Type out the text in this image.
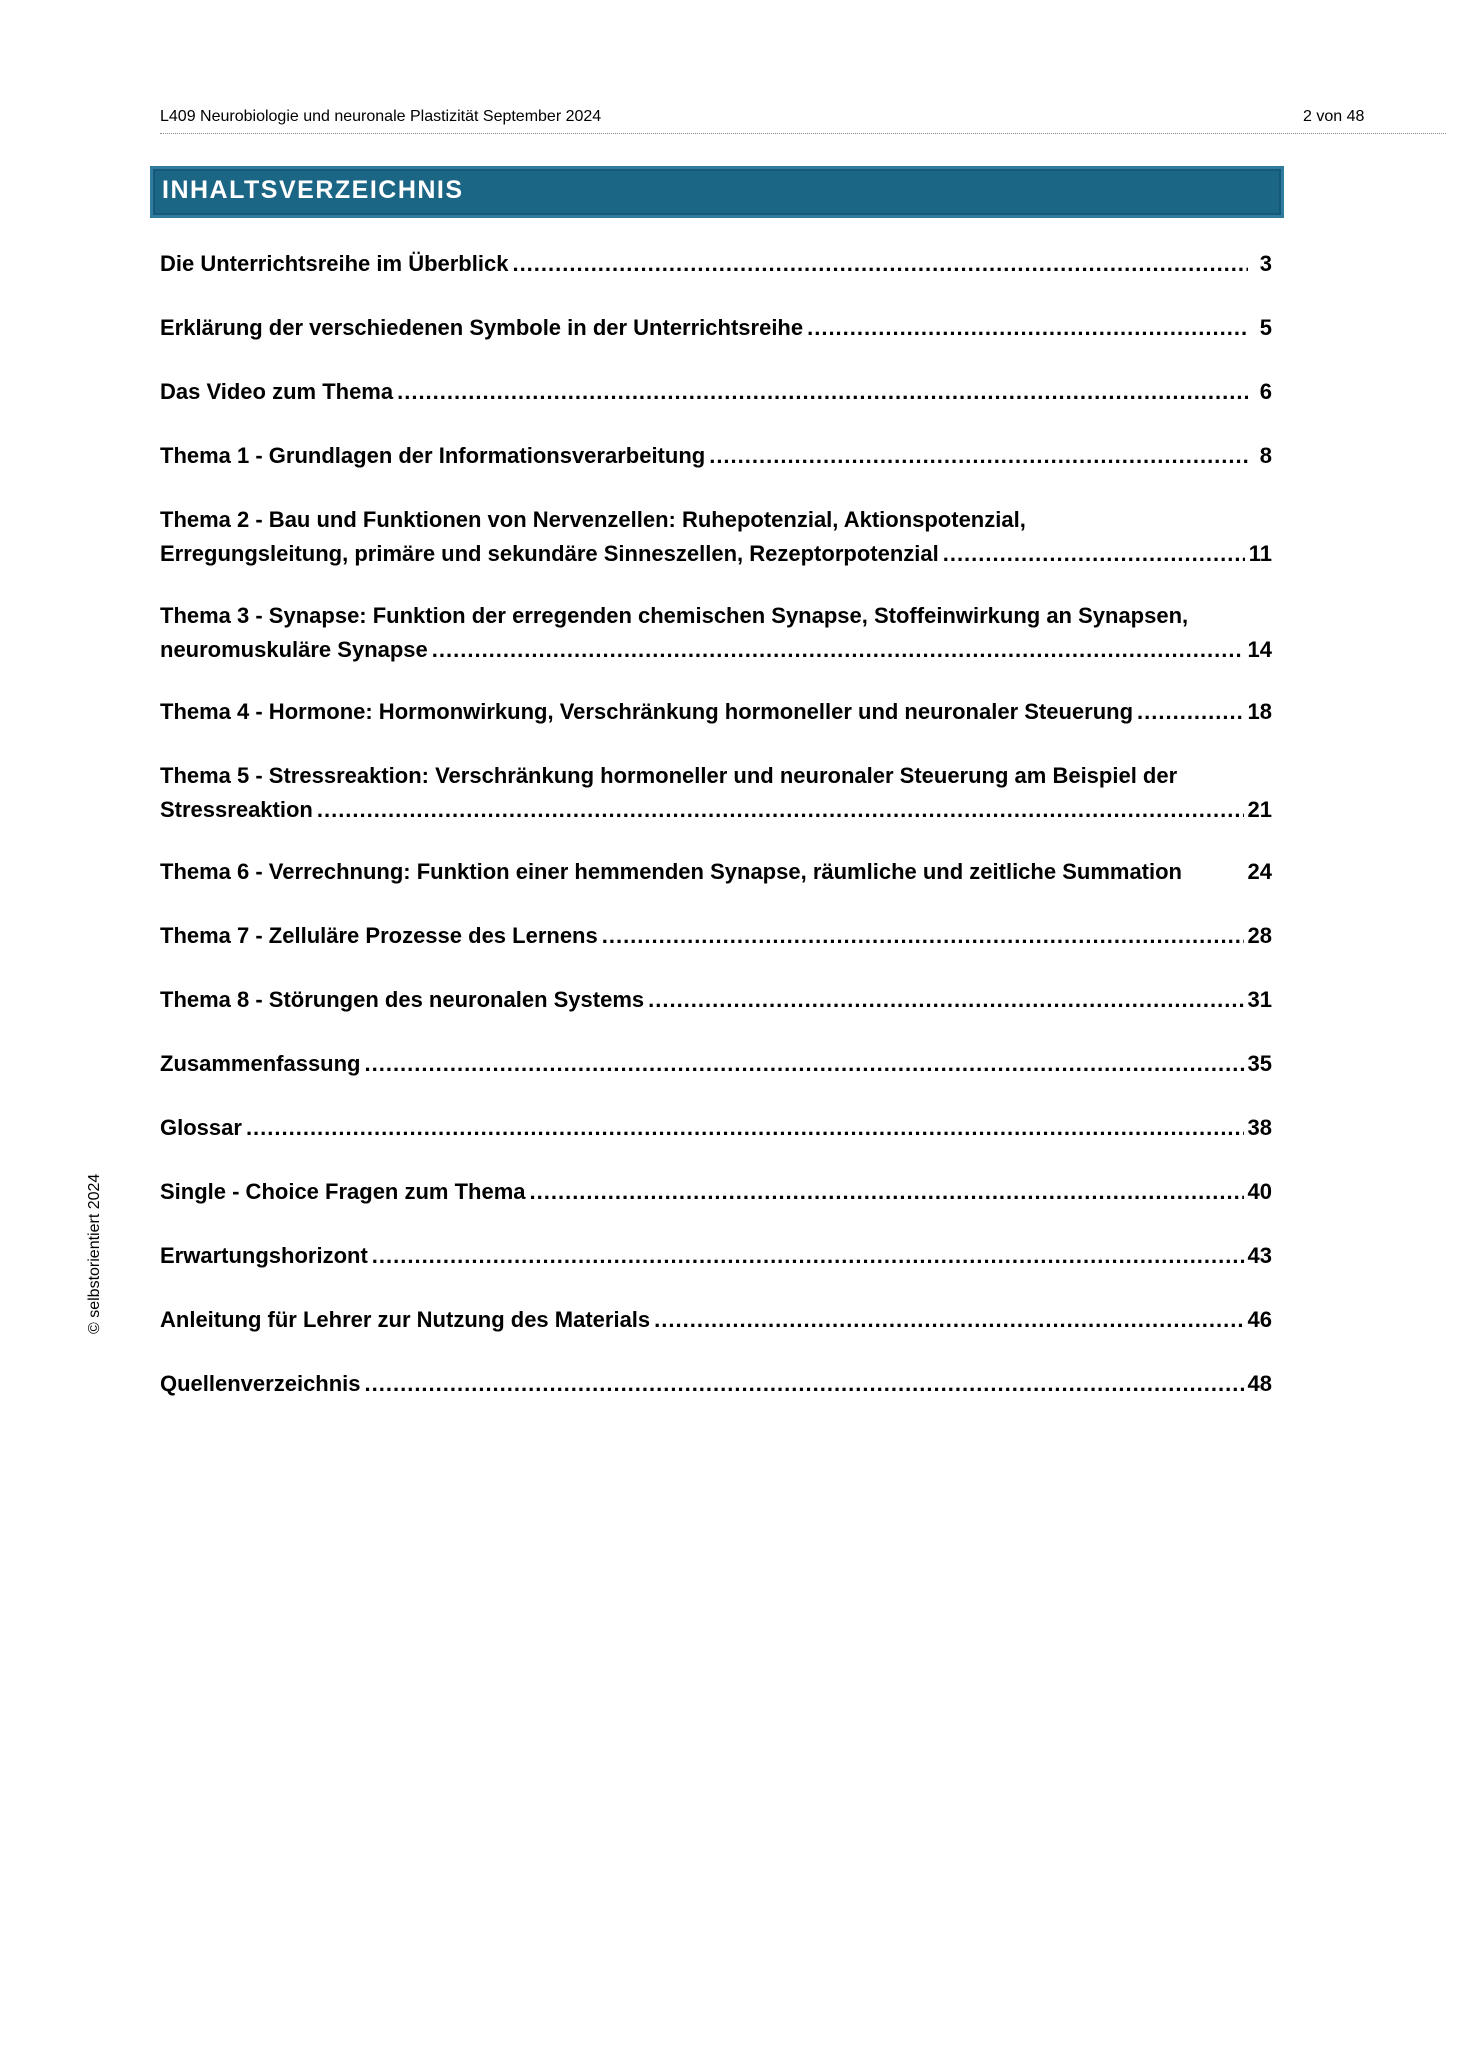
L409 Neurobiologie und neuronale Plastizität September 2024	2 von 48
INHALTSVERZEICHNIS
Die Unterrichtsreihe im Überblick .....	3
Erklärung der verschiedenen Symbole in der Unterrichtsreihe .....	5
Das Video zum Thema .....	6
Thema 1 - Grundlagen der Informationsverarbeitung .....	8
Thema 2 - Bau und Funktionen von Nervenzellen: Ruhepotenzial, Aktionspotenzial,
Erregungsleitung, primäre und sekundäre Sinneszellen, Rezeptorpotenzial .....	11
Thema 3 - Synapse: Funktion der erregenden chemischen Synapse, Stoffeinwirkung an Synapsen,
neuromuskuläre Synapse .....	14
Thema 4 - Hormone: Hormonwirkung, Verschränkung hormoneller und neuronaler Steuerung .....	18
Thema 5 - Stressreaktion: Verschränkung hormoneller und neuronaler Steuerung am Beispiel der
Stressreaktion .....	21
Thema 6 - Verrechnung: Funktion einer hemmenden Synapse, räumliche und zeitliche Summation	24
Thema 7 - Zelluläre Prozesse des Lernens .....	28
Thema 8 - Störungen des neuronalen Systems .....	31
Zusammenfassung .....	35
Glossar .....	38
Single - Choice Fragen zum Thema .....	40
Erwartungshorizont .....	43
Anleitung für Lehrer zur Nutzung des Materials .....	46
Quellenverzeichnis .....	48
© selbstorientiert 2024
